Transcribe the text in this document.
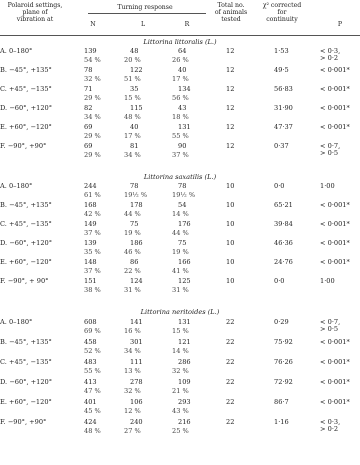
Polaroid settings,
plane of
vibration at
Turning response
N	L	R
Total no.
of animals
tested
χ² corrected
for
continuity
P
Littorina littoralis (L.)
A. 0–180°	139	48	64	12	1·53	< 0·3,
54 %	20 %	26 %	> 0·2
B. −45°, +135°	78	122	40	12	49·5	< 0·001*
32 %	51 %	17 %
C. +45°, −135°	71	35	134	12	56·83	< 0·001*
29 %	15 %	56 %
D. −60°, +120°	82	115	43	12	31·90	< 0·001*
34 %	48 %	18 %
E. +60°, −120°	69	40	131	12	47·37	< 0·001*
29 %	17 %	55 %
F. −90°, +90°	69	81	90	12	0·37	< 0·7,
29 %	34 %	37 %	> 0·5
Littorina saxatilis (L.)
A. 0–180°	244	78	78	10	0·0	1·00
61 %	19½ %	19½ %
B. −45°, +135°	168	178	54	10	65·21	< 0·001*
42 %	44 %	14 %
C. +45°, −135°	149	75	176	10	39·84	< 0·001*
37 %	19 %	44 %
D. −60°, +120°	139	186	75	10	46·36	< 0·001*
35 %	46 %	19 %
E. +60°, −120°	148	86	166	10	24·76	< 0·001*
37 %	22 %	41 %
F. −90°, + 90°	151	124	125	10	0·0	1·00
38 %	31 %	31 %
Littorina neritoides (L.)
A. 0–180°	608	141	131	22	0·29	< 0·7,
69 %	16 %	15 %	> 0·5
B. −45°, +135°	458	301	121	22	75·92	< 0·001*
52 %	34 %	14 %
C. +45°, −135°	483	111	286	22	76·26	< 0·001*
55 %	13 %	32 %
D. −60°, +120°	413	278	109	22	72·92	< 0·001*
47 %	32 %	21 %
E. +60°, −120°	401	106	293	22	86·7	< 0·001*
45 %	12 %	43 %
F. −90°, +90°	424	240	216	22	1·16	< 0·3,
48 %	27 %	25 %	> 0·2
